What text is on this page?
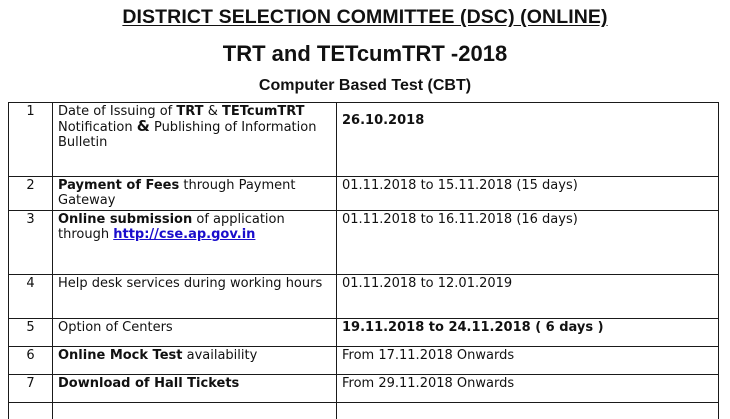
DISTRICT SELECTION COMMITTEE (DSC) (ONLINE)
TRT and TETcumTRT -2018
Computer Based Test (CBT)
1	Date of Issuing of TRT & TETcumTRT Notification & Publishing of Information Bulletin	26.10.2018

2	Payment of Fees through Payment Gateway	01.11.2018 to 15.11.2018 (15 days)

3	Online submission of application through http://cse.ap.gov.in	01.11.2018 to 16.11.2018 (16 days)

4	Help desk services during working hours	01.11.2018 to 12.01.2019

5	Option of Centers	19.11.2018 to 24.11.2018 ( 6 days )

6	Online Mock Test availability	From 17.11.2018 Onwards

7	Download of Hall Tickets	From 29.11.2018 Onwards
